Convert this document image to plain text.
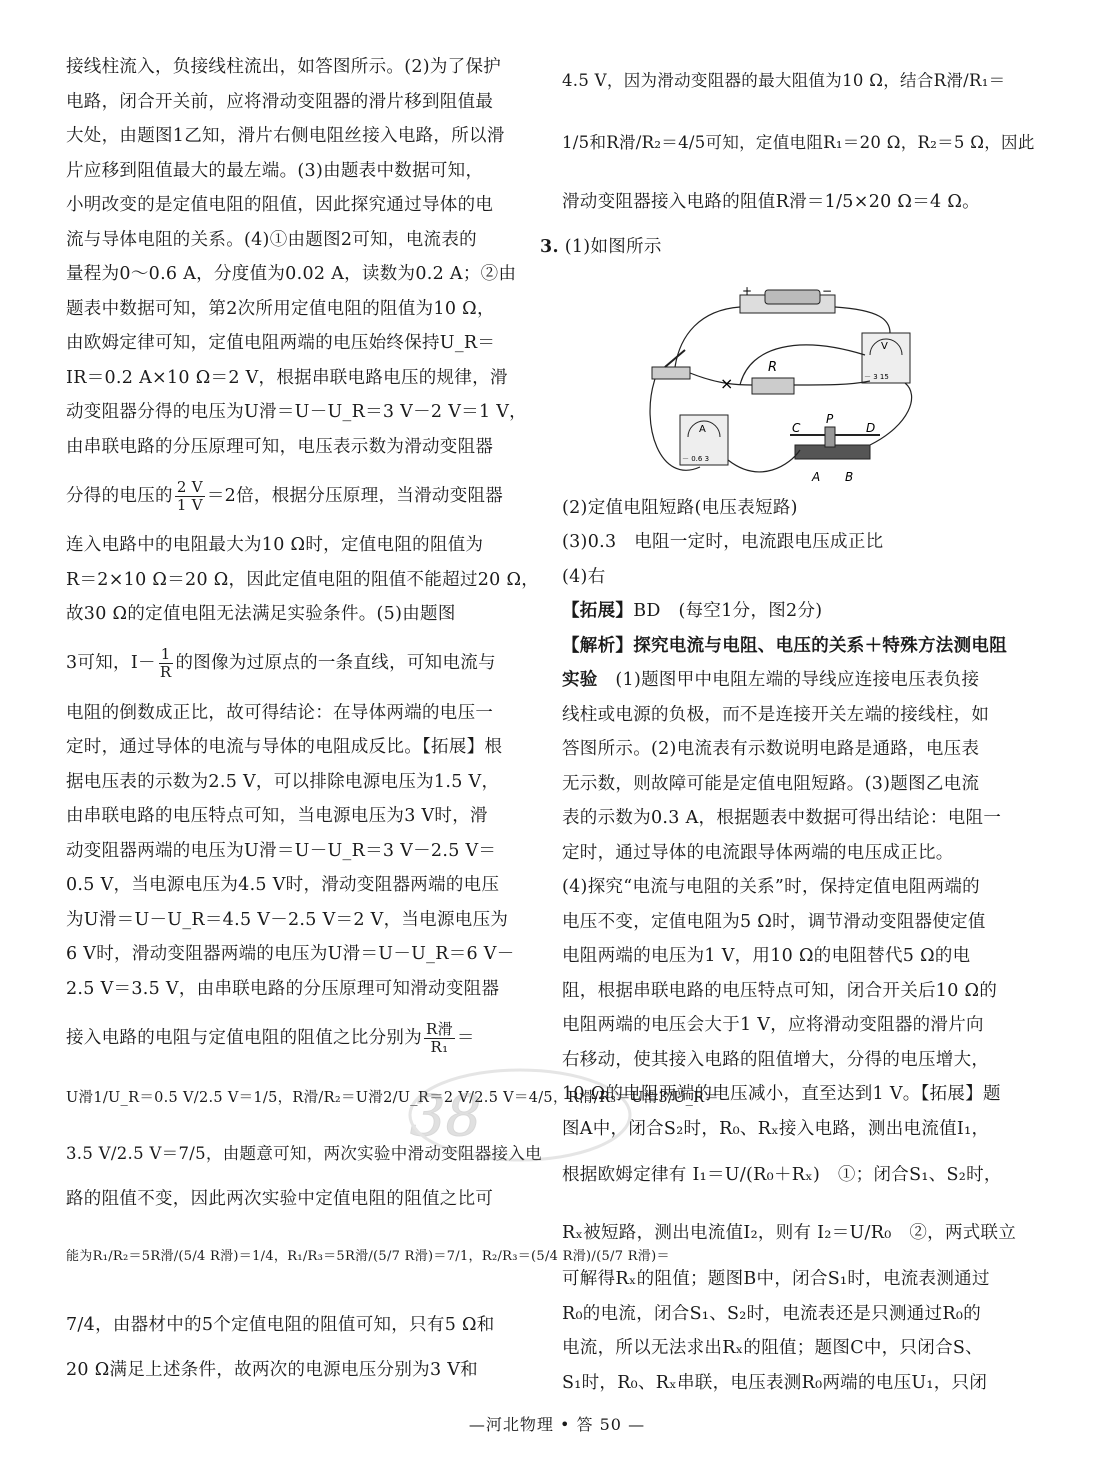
接线柱流入，负接线柱流出，如答图所示。(2)为了保护

电路，闭合开关前，应将滑动变阻器的滑片移到阻值最

大处，由题图1乙知，滑片右侧电阻丝接入电路，所以滑

片应移到阻值最大的最左端。(3)由题表中数据可知，

小明改变的是定值电阻的阻值，因此探究通过导体的电

流与导体电阻的关系。(4)①由题图2可知，电流表的

量程为0～0.6 A，分度值为0.02 A，读数为0.2 A；②由

题表中数据可知，第2次所用定值电阻的阻值为10 Ω，

由欧姆定律可知，定值电阻两端的电压始终保持U_R＝

IR＝0.2 A×10 Ω＝2 V，根据串联电路电压的规律，滑

动变阻器分得的电压为U滑＝U－U_R＝3 V－2 V＝1 V，

由串联电路的分压原理可知，电压表示数为滑动变阻器

分得的电压的 $\frac{2 V}{1 V} =2$倍，根据分压原理，当滑动变阻器

连入电路中的电阻最大为10 Ω时，定值电阻的阻值为

R＝2×10 Ω＝20 Ω，因此定值电阻的阻值不能超过20 Ω，

故30 Ω的定值电阻无法满足实验条件。(5)由题图

3可知，$I- \frac{1}{R}$ 的图像为过原点的一条直线，可知电流与

电阻的倒数成正比，故可得结论：在导体两端的电压一

定时，通过导体的电流与导体的电阻成反比。【拓展】根

据电压表的示数为2.5 V，可以排除电源电压为1.5 V，

由串联电路的电压特点可知，当电源电压为3 V时，滑

动变阻器两端的电压为U滑＝U－U_R＝3 V－2.5 V＝

0.5 V，当电源电压为4.5 V时，滑动变阻器两端的电压

为U滑＝U－U_R＝4.5 V－2.5 V＝2 V，当电源电压为

6 V时，滑动变阻器两端的电压为U滑＝U－U_R＝6 V－

2.5 V＝3.5 V，由串联电路的分压原理可知滑动变阻器

接入电路的电阻与定值电阻的阻值之比分别为 $\frac{\text{R滑}}{\text{R₁}}$ ＝

U滑1/U_R＝0.5 V/2.5 V＝1/5，R滑/R₂＝U滑2/U_R＝2 V/2.5 V＝4/5，R滑/R₃＝U滑3/U_R＝

3.5 V/2.5 V＝7/5，由题意可知，两次实验中滑动变阻器接入电

路的阻值不变，因此两次实验中定值电阻的阻值之比可

能为R₁/R₂＝5R滑/(5/4 R滑)＝1/4，R₁/R₃＝5R滑/(5/7 R滑)＝7/1，R₂/R₃＝(5/4 R滑)/(5/7 R滑)＝

7/4，由器材中的5个定值电阻的阻值可知，只有5 Ω和

20 Ω满足上述条件，故两次的电源电压分别为3 V和

4.5 V，因为滑动变阻器的最大阻值为10 Ω，结合R滑/R₁＝

1/5和R滑/R₂＝4/5可知，定值电阻R₁＝20 Ω，R₂＝5 Ω，因此

滑动变阻器接入电路的阻值R滑＝1/5×20 Ω＝4 Ω。

3. (1)如图所示

(2)定值电阻短路(电压表短路)

(3)0.3　电阻一定时，电流跟电压成正比

(4)右

【拓展】BD　(每空1分，图2分)

【解析】探究电流与电阻、电压的关系＋特殊方法测电阻

实验　(1)题图甲中电阻左端的导线应连接电压表负接

线柱或电源的负极，而不是连接开关左端的接线柱，如

答图所示。(2)电流表有示数说明电路是通路，电压表

无示数，则故障可能是定值电阻短路。(3)题图乙电流

表的示数为0.3 A，根据题表中数据可得出结论：电阻一

定时，通过导体的电流跟导体两端的电压成正比。

(4)探究“电流与电阻的关系”时，保持定值电阻两端的

电压不变，定值电阻为5 Ω时，调节滑动变阻器使定值

电阻两端的电压为1 V，用10 Ω的电阻替代5 Ω的电

阻，根据串联电路的电压特点可知，闭合开关后10 Ω的

电阻两端的电压会大于1 V，应将滑动变阻器的滑片向

右移动，使其接入电路的阻值增大，分得的电压增大，

10 Ω的电阻两端的电压减小，直至达到1 V。【拓展】题

图A中，闭合S₂时，R₀、Rₓ接入电路，测出电流值I₁，

根据欧姆定律有 I₁＝U/(R₀＋Rₓ)　①；闭合S₁、S₂时，

Rₓ被短路，测出电流值I₂，则有 I₂＝U/R₀　②，两式联立

可解得Rₓ的阻值；题图B中，闭合S₁时，电流表测通过

R₀的电流，闭合S₁、S₂时，电流表还是只测通过R₀的

电流，所以无法求出Rₓ的阻值；题图C中，只闭合S、

S₁时，R₀、Rₓ串联，电压表测R₀两端的电压U₁，只闭

+	−
R
V
－ 3 15
A
－ 0.6 3
C
P
D
A B
×
38
—河北物理 • 答 50 —
